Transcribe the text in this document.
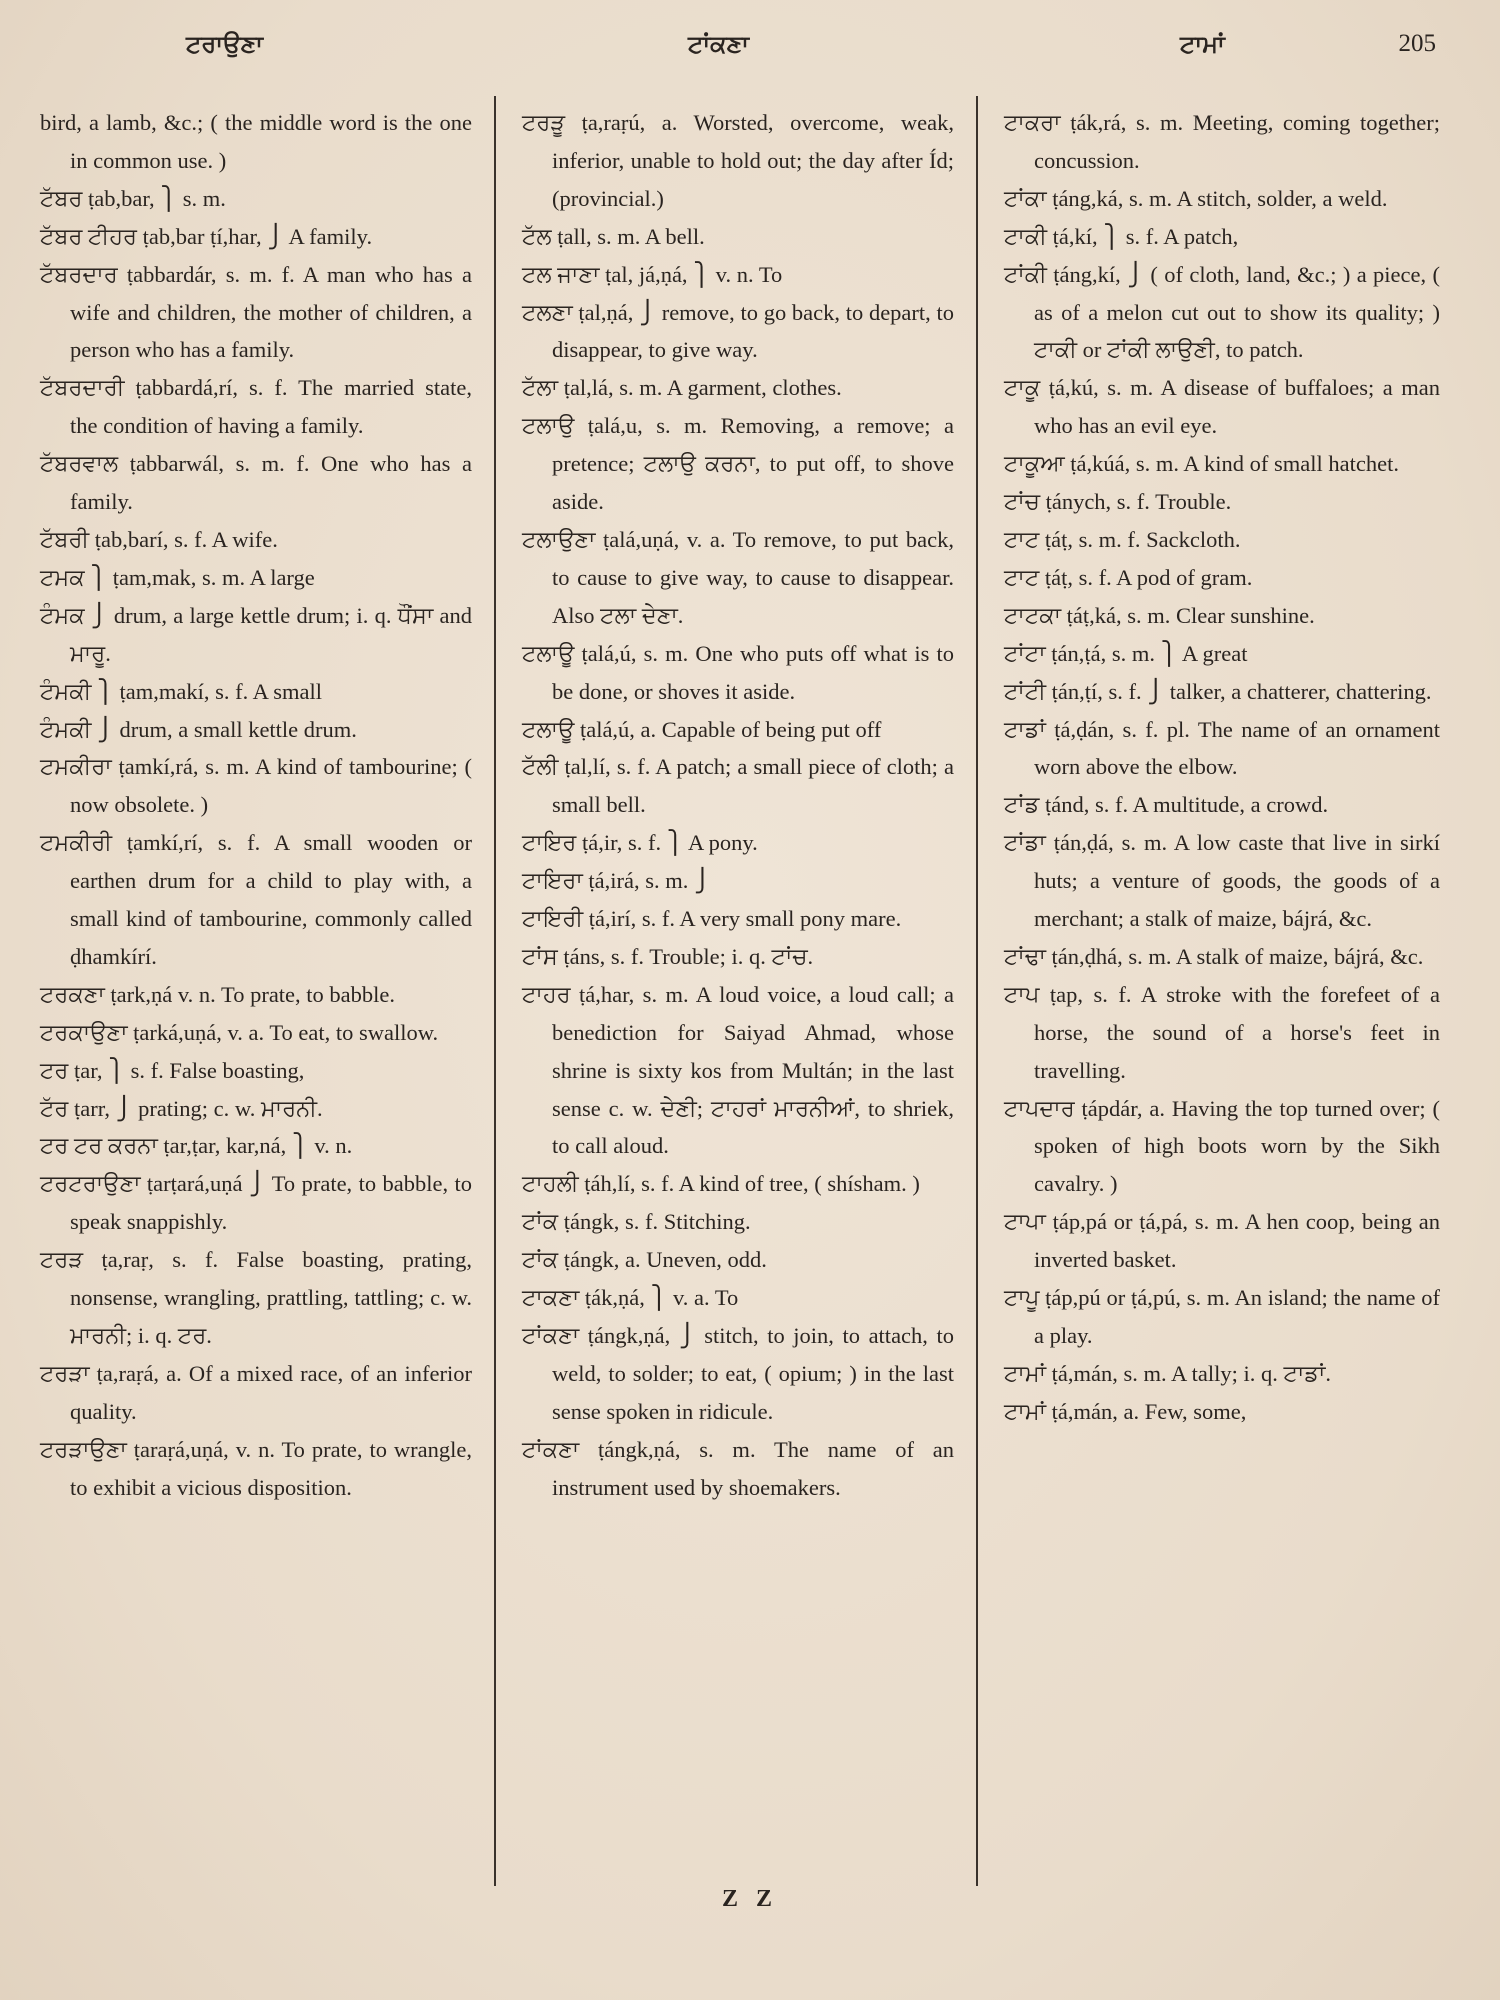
ਟਰਾਉਣਾ	ਟਾਂਕਣਾ	ਟਾਮਾਂ	205

bird, a lamb, &c.; ( the middle word is the one in common use. )

ਟੱਬਰ ṭab,bar, ⎫ s. m.

ਟੱਬਰ ਟੀਹਰ ṭab,bar ṭí,har, ⎭ A family.

ਟੱਬਰਦਾਰ ṭabbardár, s. m. f. A man who has a wife and children, the mother of children, a person who has a family.

ਟੱਬਰਦਾਰੀ ṭabbardá,rí, s. f. The married state, the condition of having a family.

ਟੱਬਰਵਾਲ ṭabbarwál, s. m. f. One who has a family.

ਟੱਬਰੀ ṭab,barí, s. f. A wife.

ਟਮਕ ⎫ ṭam,mak, s. m. A large

ਟੰਮਕ ⎭ drum, a large kettle drum; i. q. ਧੌਂਸਾ and ਮਾਰੂ.

ਟੰਮਕੀ ⎫ ṭam,makí, s. f. A small

ਟੰਮਕੀ ⎭ drum, a small kettle drum.

ਟਮਕੀਰਾ ṭamkí,rá, s. m. A kind of tambourine; ( now obsolete. )

ਟਮਕੀਰੀ ṭamkí,rí, s. f. A small wooden or earthen drum for a child to play with, a small kind of tambourine, commonly called ḍhamkírí.

ਟਰਕਣਾ ṭark,ṇá v. n. To prate, to babble.

ਟਰਕਾਉਣਾ ṭarká,uṇá, v. a. To eat, to swallow.

ਟਰ ṭar, ⎫ s. f. False boasting,

ਟੱਰ ṭarr, ⎭ prating; c. w. ਮਾਰਨੀ.

ਟਰ ਟਰ ਕਰਨਾ ṭar,ṭar, kar,ná, ⎫ v. n.

ਟਰਟਰਾਉਣਾ ṭarṭará,uṇá ⎭ To prate, to babble, to speak snappishly.

ਟਰੜ ṭa,raṛ, s. f. False boasting, prating, nonsense, wrangling, prattling, tattling; c. w. ਮਾਰਨੀ; i. q. ਟਰ.

ਟਰੜਾ ṭa,raṛá, a. Of a mixed race, of an inferior quality.

ਟਰੜਾਉਣਾ ṭaraṛá,uṇá, v. n. To prate, to wrangle, to exhibit a vicious disposition.

ਟਰੜੂ ṭa,raṛú, a. Worsted, overcome, weak, inferior, unable to hold out; the day after Íd; (provincial.)

ਟੱਲ ṭall, s. m. A bell.

ਟਲ ਜਾਣਾ ṭal, já,ṇá, ⎫ v. n. To

ਟਲਣਾ ṭal,ṇá, ⎭ remove, to go back, to depart, to disappear, to give way.

ਟੱਲਾ ṭal,lá, s. m. A garment, clothes.

ਟਲਾਉ ṭalá,u, s. m. Removing, a remove; a pretence; ਟਲਾਉ ਕਰਨਾ, to put off, to shove aside.

ਟਲਾਉਣਾ ṭalá,uṇá, v. a. To remove, to put back, to cause to give way, to cause to disappear. Also ਟਲਾ ਦੇਣਾ.

ਟਲਾਊ ṭalá,ú, s. m. One who puts off what is to be done, or shoves it aside.

ਟਲਾਊ ṭalá,ú, a. Capable of being put off

ਟੱਲੀ ṭal,lí, s. f. A patch; a small piece of cloth; a small bell.

ਟਾਇਰ ṭá,ir, s. f. ⎫ A pony.

ਟਾਇਰਾ ṭá,irá, s. m. ⎭

ਟਾਇਰੀ ṭá,irí, s. f. A very small pony mare.

ਟਾਂਸ ṭáns, s. f. Trouble; i. q. ਟਾਂਚ.

ਟਾਹਰ ṭá,har, s. m. A loud voice, a loud call; a benediction for Saiyad Ahmad, whose shrine is sixty kos from Multán; in the last sense c. w. ਦੇਣੀ; ਟਾਹਰਾਂ ਮਾਰਨੀਆਂ, to shriek, to call aloud.

ਟਾਹਲੀ ṭáh,lí, s. f. A kind of tree, ( shísham. )

ਟਾਂਕ ṭángk, s. f. Stitching.

ਟਾਂਕ ṭángk, a. Uneven, odd.

ਟਾਕਣਾ ṭák,ṇá, ⎫ v. a. To

ਟਾਂਕਣਾ ṭángk,ṇá, ⎭ stitch, to join, to attach, to weld, to solder; to eat, ( opium; ) in the last sense spoken in ridicule.

ਟਾਂਕਣਾ ṭángk,ṇá, s. m. The name of an instrument used by shoemakers.

ਟਾਕਰਾ ṭák,rá, s. m. Meeting, coming together; concussion.

ਟਾਂਕਾ ṭáng,ká, s. m. A stitch, solder, a weld.

ਟਾਕੀ ṭá,kí, ⎫ s. f. A patch,

ਟਾਂਕੀ ṭáng,kí, ⎭ ( of cloth, land, &c.; ) a piece, ( as of a melon cut out to show its quality; ) ਟਾਕੀ or ਟਾਂਕੀ ਲਾਉਣੀ, to patch.

ਟਾਕੂ ṭá,kú, s. m. A disease of buffaloes; a man who has an evil eye.

ਟਾਕੂਆ ṭá,kúá, s. m. A kind of small hatchet.

ਟਾਂਚ ṭánych, s. f. Trouble.

ਟਾਟ ṭáṭ, s. m. f. Sackcloth.

ਟਾਟ ṭáṭ, s. f. A pod of gram.

ਟਾਟਕਾ ṭáṭ,ká, s. m. Clear sunshine.

ਟਾਂਟਾ ṭán,ṭá, s. m. ⎫ A great

ਟਾਂਟੀ ṭán,ṭí, s. f. ⎭ talker, a chatterer, chattering.

ਟਾਡਾਂ ṭá,ḍán, s. f. pl. The name of an ornament worn above the elbow.

ਟਾਂਡ ṭánd, s. f. A multitude, a crowd.

ਟਾਂਡਾ ṭán,ḍá, s. m. A low caste that live in sirkí huts; a venture of goods, the goods of a merchant; a stalk of maize, bájrá, &c.

ਟਾਂਢਾ ṭán,ḍhá, s. m. A stalk of maize, bájrá, &c.

ਟਾਪ ṭap, s. f. A stroke with the forefeet of a horse, the sound of a horse's feet in travelling.

ਟਾਪਦਾਰ ṭápdár, a. Having the top turned over; ( spoken of high boots worn by the Sikh cavalry. )

ਟਾਪਾ ṭáp,pá or ṭá,pá, s. m. A hen coop, being an inverted basket.

ਟਾਪੂ ṭáp,pú or ṭá,pú, s. m. An island; the name of a play.

ਟਾਮਾਂ ṭá,mán, s. m. A tally; i. q. ਟਾਡਾਂ.

ਟਾਮਾਂ ṭá,mán, a. Few, some,

Z Z
